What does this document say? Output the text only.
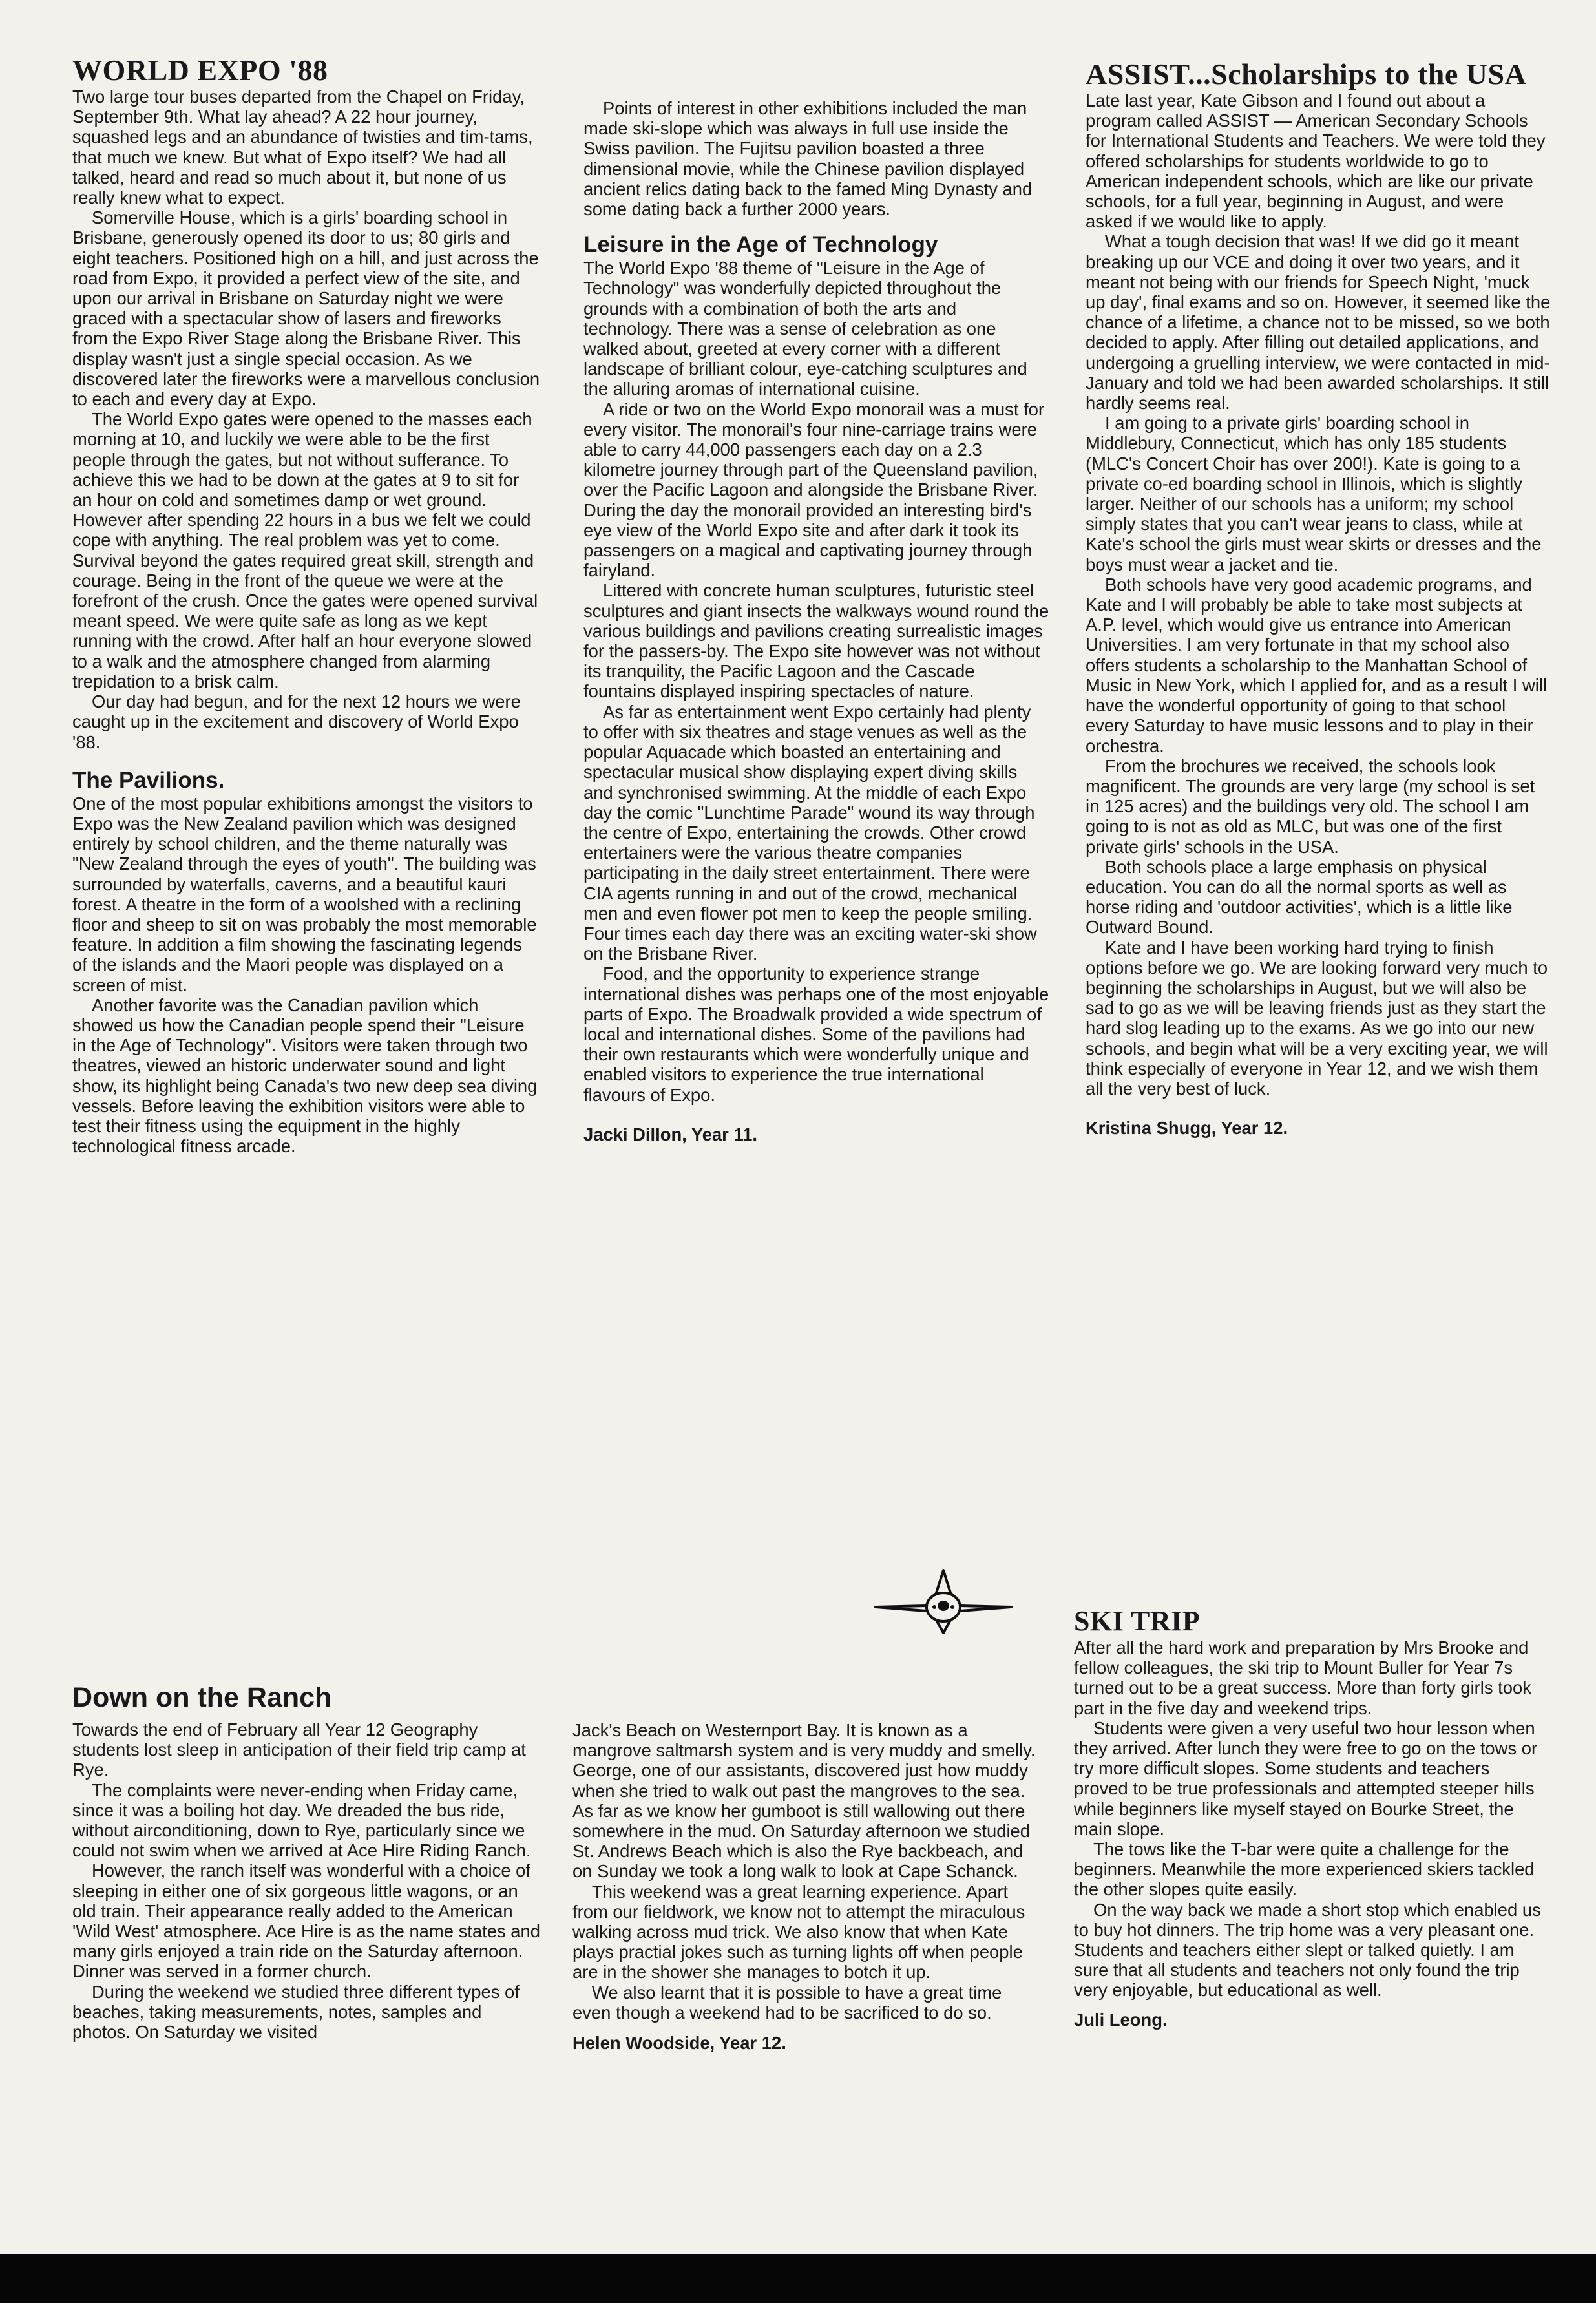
WORLD EXPO '88

Two large tour buses departed from the Chapel on Friday, September 9th. What lay ahead? A 22 hour journey, squashed legs and an abundance of twisties and tim-tams, that much we knew. But what of Expo itself? We had all talked, heard and read so much about it, but none of us really knew what to expect.

Somerville House, which is a girls' boarding school in Brisbane, generously opened its door to us; 80 girls and eight teachers. Positioned high on a hill, and just across the road from Expo, it provided a perfect view of the site, and upon our arrival in Brisbane on Saturday night we were graced with a spectacular show of lasers and fireworks from the Expo River Stage along the Brisbane River. This display wasn't just a single special occasion. As we discovered later the fireworks were a marvellous conclusion to each and every day at Expo.

The World Expo gates were opened to the masses each morning at 10, and luckily we were able to be the first people through the gates, but not without sufferance. To achieve this we had to be down at the gates at 9 to sit for an hour on cold and sometimes damp or wet ground. However after spending 22 hours in a bus we felt we could cope with anything. The real problem was yet to come. Survival beyond the gates required great skill, strength and courage. Being in the front of the queue we were at the forefront of the crush. Once the gates were opened survival meant speed. We were quite safe as long as we kept running with the crowd. After half an hour everyone slowed to a walk and the atmosphere changed from alarming trepidation to a brisk calm.

Our day had begun, and for the next 12 hours we were caught up in the excitement and discovery of World Expo '88.

The Pavilions.

One of the most popular exhibitions amongst the visitors to Expo was the New Zealand pavilion which was designed entirely by school children, and the theme naturally was "New Zealand through the eyes of youth". The building was surrounded by waterfalls, caverns, and a beautiful kauri forest. A theatre in the form of a woolshed with a reclining floor and sheep to sit on was probably the most memorable feature. In addition a film showing the fascinating legends of the islands and the Maori people was displayed on a screen of mist.

Another favorite was the Canadian pavilion which showed us how the Canadian people spend their "Leisure in the Age of Technology". Visitors were taken through two theatres, viewed an historic underwater sound and light show, its highlight being Canada's two new deep sea diving vessels. Before leaving the exhibition visitors were able to test their fitness using the equipment in the highly technological fitness arcade.

Points of interest in other exhibitions included the man made ski-slope which was always in full use inside the Swiss pavilion. The Fujitsu pavilion boasted a three dimensional movie, while the Chinese pavilion displayed ancient relics dating back to the famed Ming Dynasty and some dating back a further 2000 years.

Leisure in the Age of Technology

The World Expo '88 theme of "Leisure in the Age of Technology" was wonderfully depicted throughout the grounds with a combination of both the arts and technology. There was a sense of celebration as one walked about, greeted at every corner with a different landscape of brilliant colour, eye-catching sculptures and the alluring aromas of international cuisine.

A ride or two on the World Expo monorail was a must for every visitor. The monorail's four nine-carriage trains were able to carry 44,000 passengers each day on a 2.3 kilometre journey through part of the Queensland pavilion, over the Pacific Lagoon and alongside the Brisbane River. During the day the monorail provided an interesting bird's eye view of the World Expo site and after dark it took its passengers on a magical and captivating journey through fairyland.

Littered with concrete human sculptures, futuristic steel sculptures and giant insects the walkways wound round the various buildings and pavilions creating surrealistic images for the passers-by. The Expo site however was not without its tranquility, the Pacific Lagoon and the Cascade fountains displayed inspiring spectacles of nature.

As far as entertainment went Expo certainly had plenty to offer with six theatres and stage venues as well as the popular Aquacade which boasted an entertaining and spectacular musical show displaying expert diving skills and synchronised swimming. At the middle of each Expo day the comic "Lunchtime Parade" wound its way through the centre of Expo, entertaining the crowds. Other crowd entertainers were the various theatre companies participating in the daily street entertainment. There were CIA agents running in and out of the crowd, mechanical men and even flower pot men to keep the people smiling. Four times each day there was an exciting water-ski show on the Brisbane River.

Food, and the opportunity to experience strange international dishes was perhaps one of the most enjoyable parts of Expo. The Broadwalk provided a wide spectrum of local and international dishes. Some of the pavilions had their own restaurants which were wonderfully unique and enabled visitors to experience the true international flavours of Expo.

Jacki Dillon, Year 11.

ASSIST...Scholarships to the USA

Late last year, Kate Gibson and I found out about a program called ASSIST — American Secondary Schools for International Students and Teachers. We were told they offered scholarships for students worldwide to go to American independent schools, which are like our private schools, for a full year, beginning in August, and were asked if we would like to apply.

What a tough decision that was! If we did go it meant breaking up our VCE and doing it over two years, and it meant not being with our friends for Speech Night, 'muck up day', final exams and so on. However, it seemed like the chance of a lifetime, a chance not to be missed, so we both decided to apply. After filling out detailed applications, and undergoing a gruelling interview, we were contacted in mid-January and told we had been awarded scholarships. It still hardly seems real.

I am going to a private girls' boarding school in Middlebury, Connecticut, which has only 185 students (MLC's Concert Choir has over 200!). Kate is going to a private co-ed boarding school in Illinois, which is slightly larger. Neither of our schools has a uniform; my school simply states that you can't wear jeans to class, while at Kate's school the girls must wear skirts or dresses and the boys must wear a jacket and tie.

Both schools have very good academic programs, and Kate and I will probably be able to take most subjects at A.P. level, which would give us entrance into American Universities. I am very fortunate in that my school also offers students a scholarship to the Manhattan School of Music in New York, which I applied for, and as a result I will have the wonderful opportunity of going to that school every Saturday to have music lessons and to play in their orchestra.

From the brochures we received, the schools look magnificent. The grounds are very large (my school is set in 125 acres) and the buildings very old. The school I am going to is not as old as MLC, but was one of the first private girls' schools in the USA.

Both schools place a large emphasis on physical education. You can do all the normal sports as well as horse riding and 'outdoor activities', which is a little like Outward Bound.

Kate and I have been working hard trying to finish options before we go. We are looking forward very much to beginning the scholarships in August, but we will also be sad to go as we will be leaving friends just as they start the hard slog leading up to the exams. As we go into our new schools, and begin what will be a very exciting year, we will think especially of everyone in Year 12, and we wish them all the very best of luck.

Kristina Shugg, Year 12.

Down on the Ranch

Towards the end of February all Year 12 Geography students lost sleep in anticipation of their field trip camp at Rye.

The complaints were never-ending when Friday came, since it was a boiling hot day. We dreaded the bus ride, without airconditioning, down to Rye, particularly since we could not swim when we arrived at Ace Hire Riding Ranch.

However, the ranch itself was wonderful with a choice of sleeping in either one of six gorgeous little wagons, or an old train. Their appearance really added to the American 'Wild West' atmosphere. Ace Hire is as the name states and many girls enjoyed a train ride on the Saturday afternoon. Dinner was served in a former church.

During the weekend we studied three different types of beaches, taking measurements, notes, samples and photos. On Saturday we visited

Jack's Beach on Westernport Bay. It is known as a mangrove saltmarsh system and is very muddy and smelly. George, one of our assistants, discovered just how muddy when she tried to walk out past the mangroves to the sea. As far as we know her gumboot is still wallowing out there somewhere in the mud. On Saturday afternoon we studied St. Andrews Beach which is also the Rye backbeach, and on Sunday we took a long walk to look at Cape Schanck.

This weekend was a great learning experience. Apart from our fieldwork, we know not to attempt the miraculous walking across mud trick. We also know that when Kate plays practial jokes such as turning lights off when people are in the shower she manages to botch it up.

We also learnt that it is possible to have a great time even though a weekend had to be sacrificed to do so.

Helen Woodside, Year 12.

SKI TRIP

After all the hard work and preparation by Mrs Brooke and fellow colleagues, the ski trip to Mount Buller for Year 7s turned out to be a great success. More than forty girls took part in the five day and weekend trips.

Students were given a very useful two hour lesson when they arrived. After lunch they were free to go on the tows or try more difficult slopes. Some students and teachers proved to be true professionals and attempted steeper hills while beginners like myself stayed on Bourke Street, the main slope.

The tows like the T-bar were quite a challenge for the beginners. Meanwhile the more experienced skiers tackled the other slopes quite easily.

On the way back we made a short stop which enabled us to buy hot dinners. The trip home was a very pleasant one. Students and teachers either slept or talked quietly. I am sure that all students and teachers not only found the trip very enjoyable, but educational as well.

Juli Leong.
